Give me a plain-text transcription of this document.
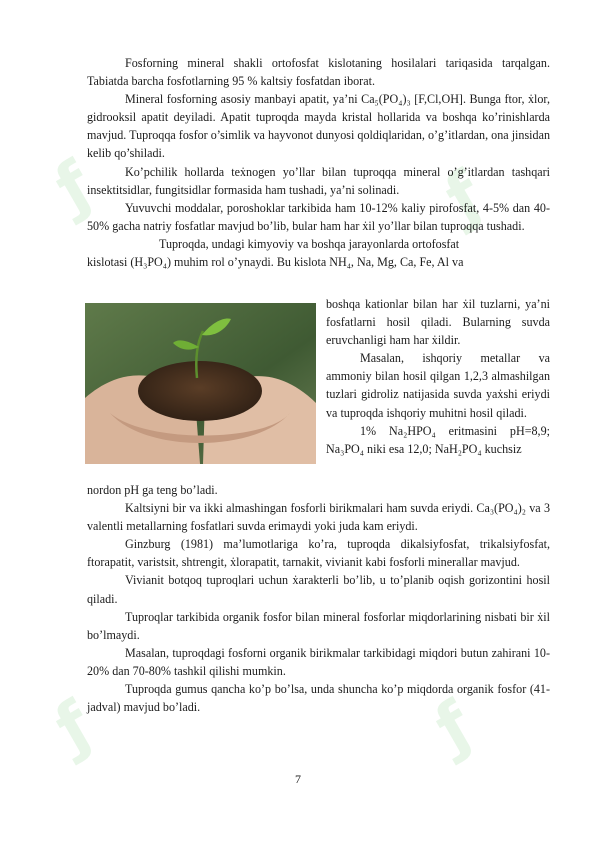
ƒ	ƒ
ƒ	ƒ

Fosforning mineral shakli ortofosfat kislotaning hosilalari tariqasida tarqalgan. Tabiatda barcha fosfotlarning 95 % kaltsiy fosfatdan iborat.

Mineral fosforning asosiy manbayi apatit, ya’ni Ca₅(PO₄)₃ [F,Cl,OH]. Bunga ftor, ẋlor, gidrooksil apatit deyiladi. Apatit tuproqda mayda kristal hollarida va boshqa ko’rinishlarda mavjud. Tuproqqa fosfor o’simlik va hayvonot dunyosi qoldiqlaridan, o’g’itlardan, ona jinsidan kelib qo’shiladi.

Ko’pchilik hollarda teẋnogen yo’llar bilan tuproqqa mineral o’g’itlardan tashqari insektitsidlar, fungitsidlar formasida ham tushadi, ya’ni solinadi.

Yuvuvchi moddalar, poroshoklar tarkibida ham 10-12% kaliy pirofosfat, 4-5% dan 40-50% gacha natriy fosfatlar mavjud bo’lib, bular ham har ẋil yo’llar bilan tuproqqa tushadi.

Tuproqda, undagi kimyoviy va boshqa jarayonlarda ortofosfat

kislotasi (H₃PO₄) muhim rol o’ynaydi. Bu kislota NH₄, Na, Mg, Ca, Fe, Al va

boshqa kationlar bilan har ẋil tuzlarni, ya’ni fosfatlarni hosil qiladi. Bularning suvda eruvchanligi ham har ẋildir.

Masalan, ishqoriy metallar va ammoniy bilan hosil qilgan 1,2,3 almashilgan tuzlari gidroliz natijasida suvda yaẋshi eriydi va tuproqda ishqoriy muhitni hosil qiladi.

1% Na₂HPO₄ eritmasini pH=8,9; Na₃PO₄ niki esa 12,0; NaH₂PO₄ kuchsiz

nordon pH ga teng bo’ladi.

Kaltsiyni bir va ikki almashingan fosforli birikmalari ham suvda eriydi. Ca₃(PO₄)₂ va 3 valentli metallarning fosfatlari suvda erimaydi yoki juda kam eriydi.

Ginzburg (1981) ma’lumotlariga ko’ra, tuproqda dikalsiyfosfat, trikalsiyfosfat, ftorapatit, varistsit, shtrengit, ẋlorapatit, tarnakit, vivianit kabi fosforli minerallar mavjud.

Vivianit botqoq tuproqlari uchun ẋarakterli bo’lib, u to’planib oqish gorizontini hosil qiladi.

Tuproqlar tarkibida organik fosfor bilan mineral fosforlar miqdorlarining nisbati bir ẋil bo’lmaydi.

Masalan, tuproqdagi fosforni organik birikmalar tarkibidagi miqdori butun zahirani 10-20% dan 70-80% tashkil qilishi mumkin.

Tuproqda gumus qancha ko’p bo’lsa, unda shuncha ko’p miqdorda organik fosfor (41-jadval) mavjud bo’ladi.

7
